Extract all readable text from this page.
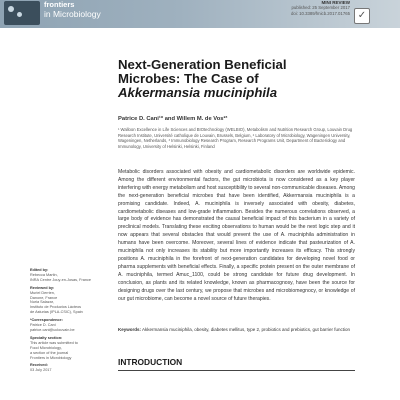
frontiers
in Microbiology
MINI REVIEW
published: 25 September 2017
doi: 10.3389/fmicb.2017.01765 ✓
Next-Generation Beneficial Microbes: The Case of Akkermansia muciniphila
Patrice D. Cani¹* and Willem M. de Vos²³
¹ Walloon Excellence in Life Sciences and BIOtechnology (WELBIO), Metabolism and Nutrition Research Group, Louvain Drug Research Institute, Université catholique de Louvain, Brussels, Belgium, ² Laboratory of Microbiology, Wageningen University, Wageningen, Netherlands, ³ Immunobiology Research Program, Research Programs Unit, Department of Bacteriology and Immunology, University of Helsinki, Helsinki, Finland
Metabolic disorders associated with obesity and cardiometabolic disorders are worldwide epidemic. Among the different environmental factors, the gut microbiota is now considered as a key player interfering with energy metabolism and host susceptibility to several non-communicable diseases. Among the next-generation beneficial microbes that have been identified, Akkermansia muciniphila is a promising candidate. Indeed, A. muciniphila is inversely associated with obesity, diabetes, cardiometabolic diseases and low-grade inflammation. Besides the numerous correlations observed, a large body of evidence has demonstrated the causal beneficial impact of this bacterium in a variety of preclinical models. Translating these exciting observations to human would be the next logic step and it now appears that several obstacles that would prevent the use of A. muciniphila administration in humans have been overcome. Moreover, several lines of evidence indicate that pasteurization of A. muciniphila not only increases its stability but more importantly increases its efficacy. This strongly positions A. muciniphila in the forefront of next-generation candidates for developing novel food or pharma supplements with beneficial effects. Finally, a specific protein present on the outer membrane of A. muciniphila, termed Amuc_1100, could be strong candidate for future drug development. In conclusion, as plants and its related knowledge, known as pharmacognosy, have been the source for designing drugs over the last century, we propose that microbes and microbiomegnocy, or knowledge of our gut microbiome, can become a novel source of future therapies.
Keywords: Akkermansia muciniphila, obesity, diabetes mellitus, type 2, probiotics and prebiotics, gut barrier function
INTRODUCTION
Edited by:
Rebecca Martin,
INRA Centre Jouy-en-Josas, France
Reviewed by:
Muriel Derrien,
Danone, France
Nuria Salazar,
Instituto de Productos Lácteos
de Asturias (IPLA-CSIC), Spain
*Correspondence:
Patrice D. Cani
patrice.cani@uclouvain.be
Specialty section:
This article was submitted to
Food Microbiology,
a section of the journal
Frontiers in Microbiology
Received:
03 July 2017
